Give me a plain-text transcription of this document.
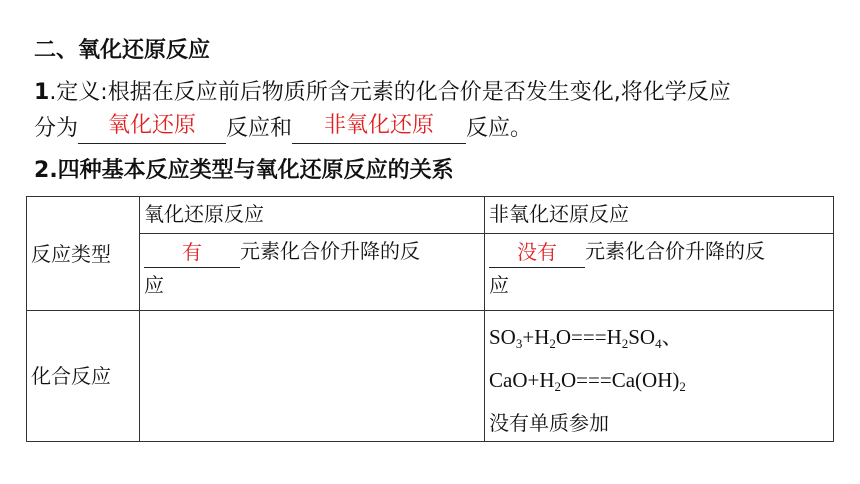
二、氧化还原反应
1.定义:根据在反应前后物质所含元素的化合价是否发生变化,将化学反应
分为	氧化还原	反应和	非氧化还原	反应。
2.四种基本反应类型与氧化还原反应的关系
反应类型	氧化还原反应	非氧化还原反应

	有 元素化合价升降的反
应	没有 元素化合价升降的反
应
化合反应		$SO_3+H_2O===H_2SO_4$、
$CaO+H_2O===Ca(OH)_2$
没有单质参加
